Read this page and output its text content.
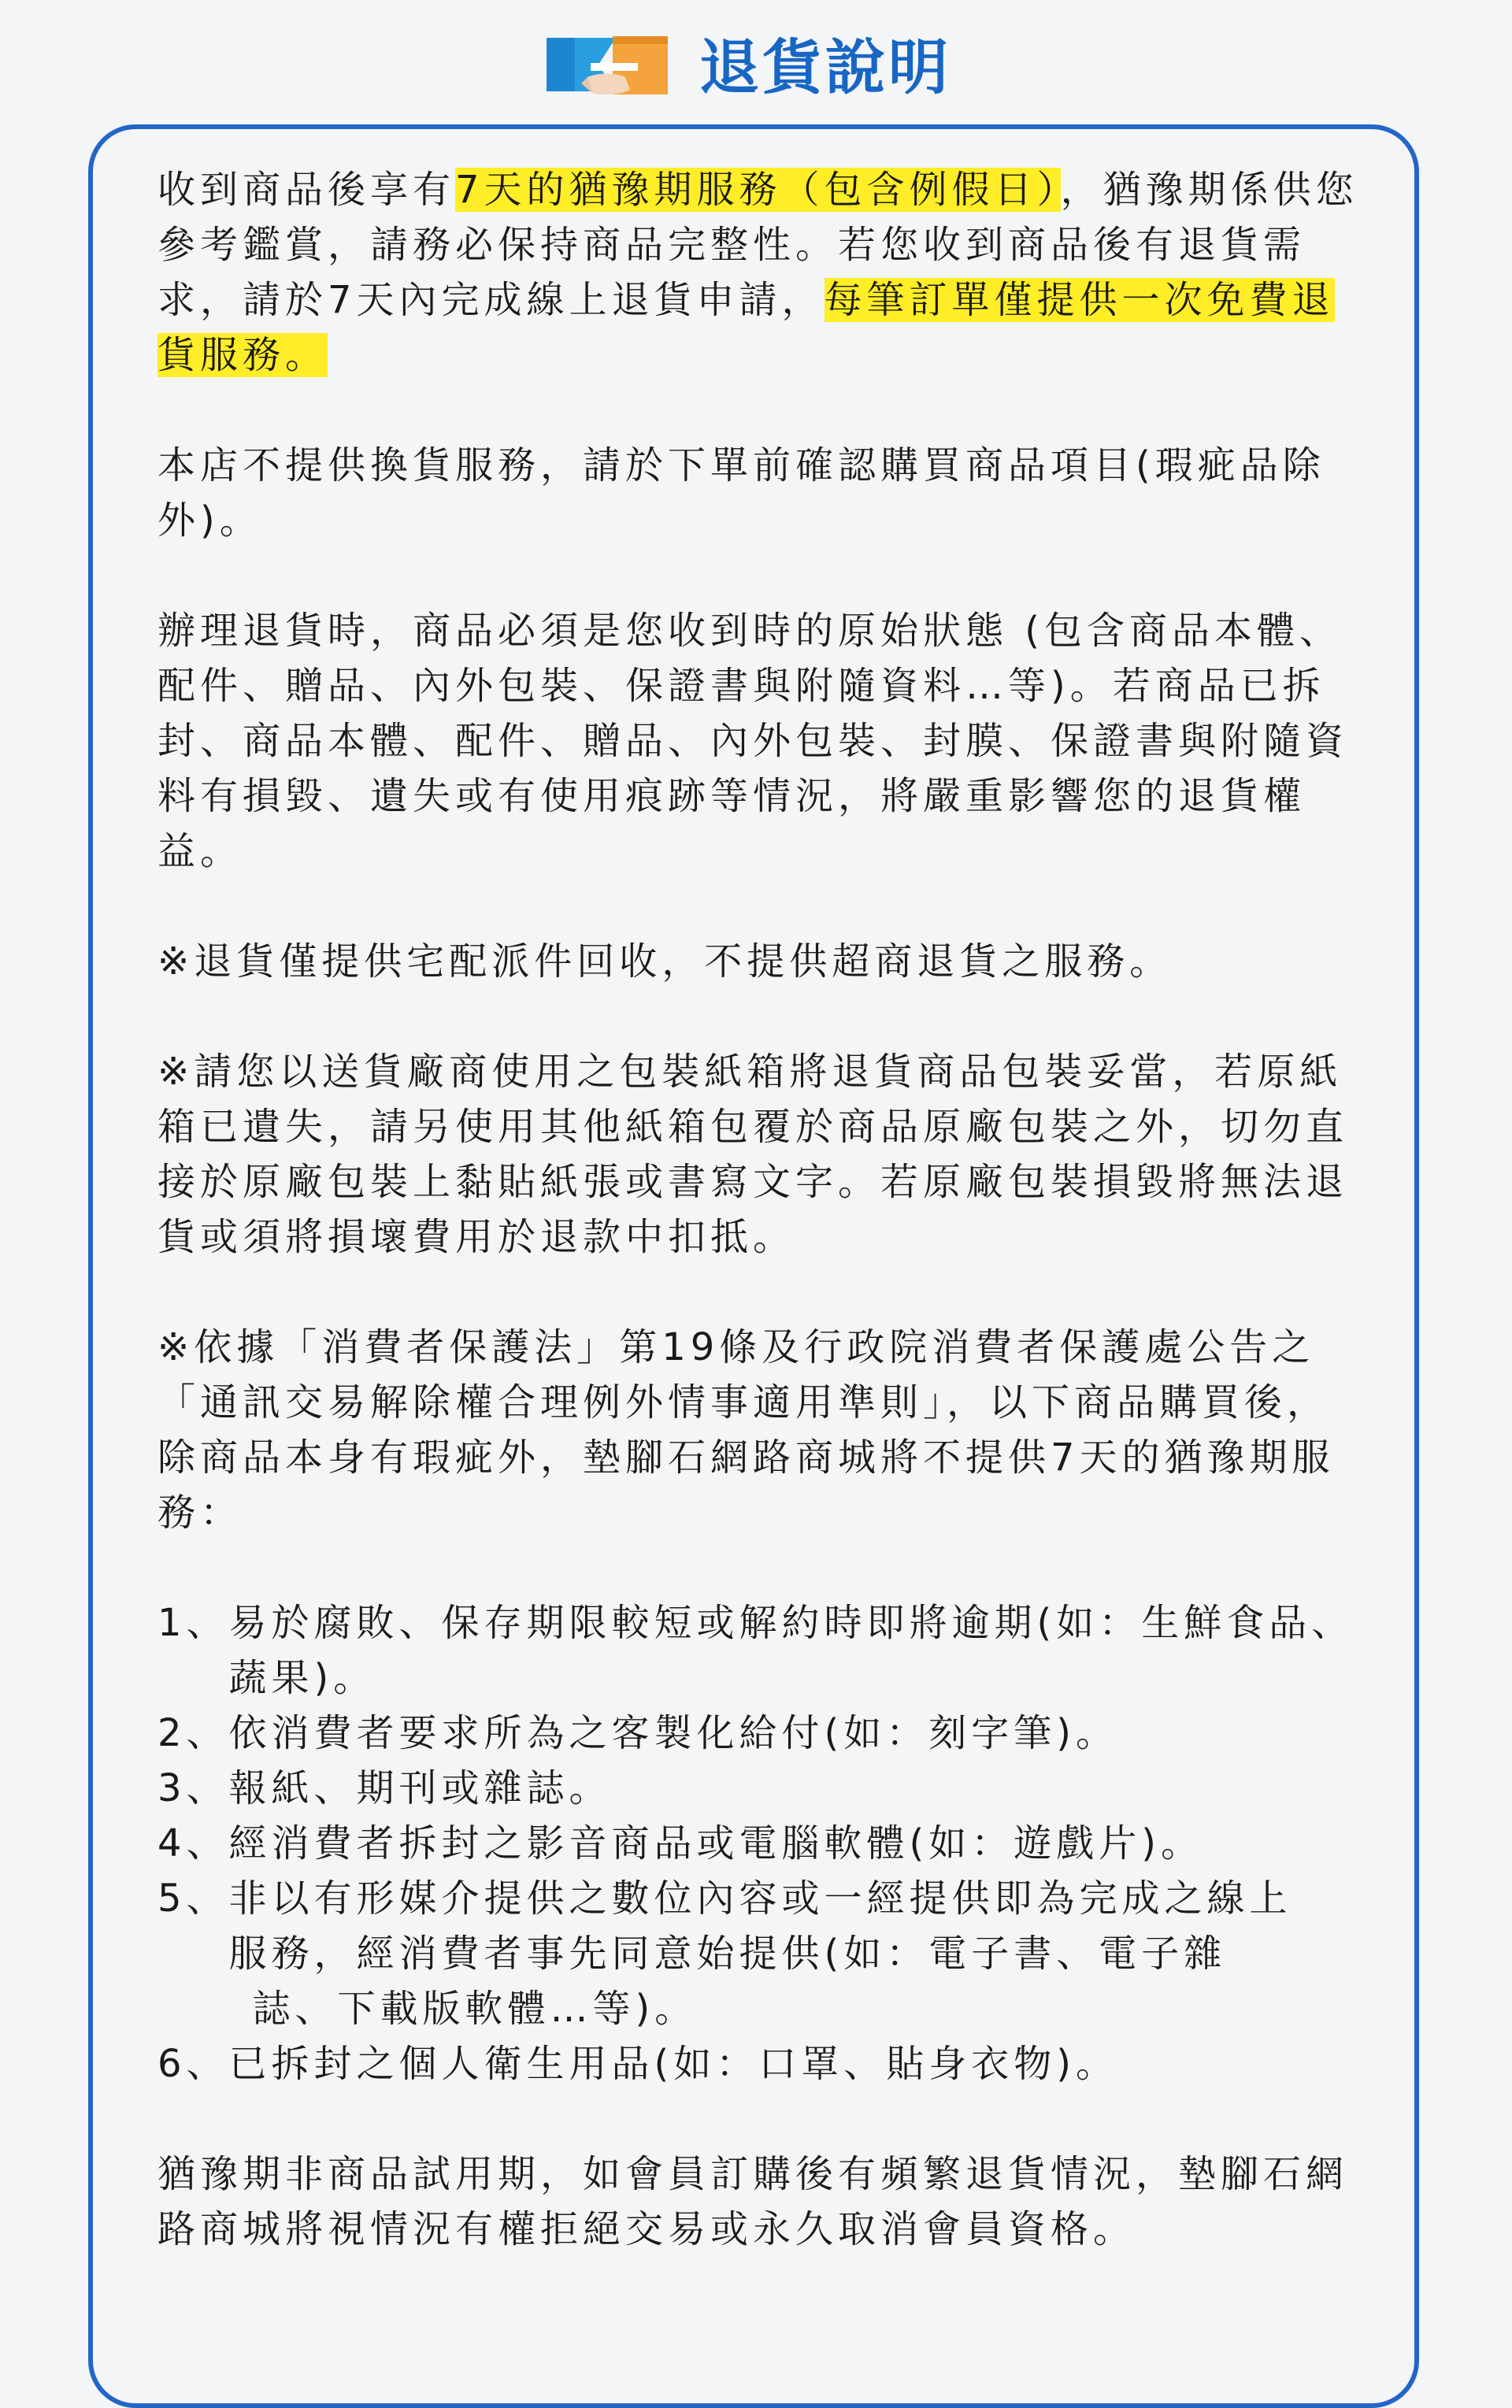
退貨說明

收到商品後享有7天的猶豫期服務（包含例假日），猶豫期係供您參考鑑賞，請務必保持商品完整性。若您收到商品後有退貨需求，請於7天內完成線上退貨申請，每筆訂單僅提供一次免費退貨服務。

本店不提供換貨服務，請於下單前確認購買商品項目(瑕疵品除外)。

辦理退貨時，商品必須是您收到時的原始狀態 (包含商品本體、配件、贈品、內外包裝、保證書與附隨資料…等)。若商品已拆封、商品本體、配件、贈品、內外包裝、封膜、保證書與附隨資料有損毀、遺失或有使用痕跡等情況，將嚴重影響您的退貨權益。

※退貨僅提供宅配派件回收，不提供超商退貨之服務。

※請您以送貨廠商使用之包裝紙箱將退貨商品包裝妥當，若原紙箱已遺失，請另使用其他紙箱包覆於商品原廠包裝之外，切勿直接於原廠包裝上黏貼紙張或書寫文字。若原廠包裝損毀將無法退貨或須將損壞費用於退款中扣抵。

※依據「消費者保護法」第19條及行政院消費者保護處公告之「通訊交易解除權合理例外情事適用準則」，以下商品購買後，除商品本身有瑕疵外，墊腳石網路商城將不提供7天的猶豫期服務：

1、 易於腐敗、保存期限較短或解約時即將逾期(如：生鮮食品、蔬果)。
2、 依消費者要求所為之客製化給付(如：刻字筆)。
3、 報紙、期刊或雜誌。
4、 經消費者拆封之影音商品或電腦軟體(如：遊戲片)。
5、 非以有形媒介提供之數位內容或一經提供即為完成之線上
服務，經消費者事先同意始提供(如：電子書、電子雜
誌、下載版軟體…等)。
6、 已拆封之個人衛生用品(如：口罩、貼身衣物)。

猶豫期非商品試用期，如會員訂購後有頻繁退貨情況，墊腳石網路商城將視情況有權拒絕交易或永久取消會員資格。
